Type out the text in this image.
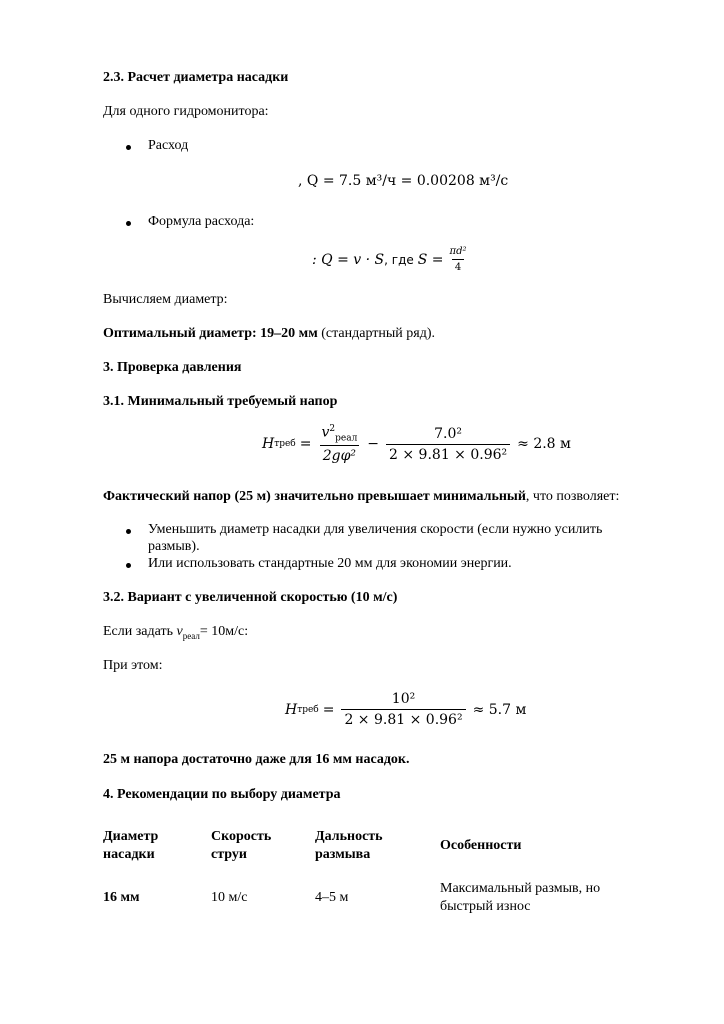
2.3. Расчет диаметра насадки
Для одного гидромонитора:
Расход
, Q = 7.5 м³/ч = 0.00208 м³/с
Формула расхода:
: Q = v · S , где $S = \frac{\text{πd²}}{4}$
Вычисляем диаметр:
Оптимальный диаметр: 19–20 мм (стандартный ряд).
3. Проверка давления
3.1. Минимальный требуемый напор
H треб = $\frac{v^2_{реал}}{\text{2gφ²}} - \frac{\text{7.0²}}{\text{2 × 9.81 × 0.96²}} \approx 2.8$ м
Фактический напор (25 м) значительно превышает минимальный, что позволяет:
Уменьшить диаметр насадки для увеличения скорости (если нужно усилить
размыв).
Или использовать стандартные 20 мм для экономии энергии.
3.2. Вариант с увеличенной скоростью (10 м/с)
Если задать $v_{реал}= 10м/с$:
При этом:
H треб = $\frac{\text{10²}}{\text{2 × 9.81 × 0.96²}} \approx 5.7$ м
25 м напора достаточно даже для 16 мм насадок.
4. Рекомендации по выбору диаметра
Диаметр
насадки
Скорость
струи
Дальность
размыва
Особенности
16 мм	10 м/с	4–5 м
Максимальный размыв, но
быстрый износ
